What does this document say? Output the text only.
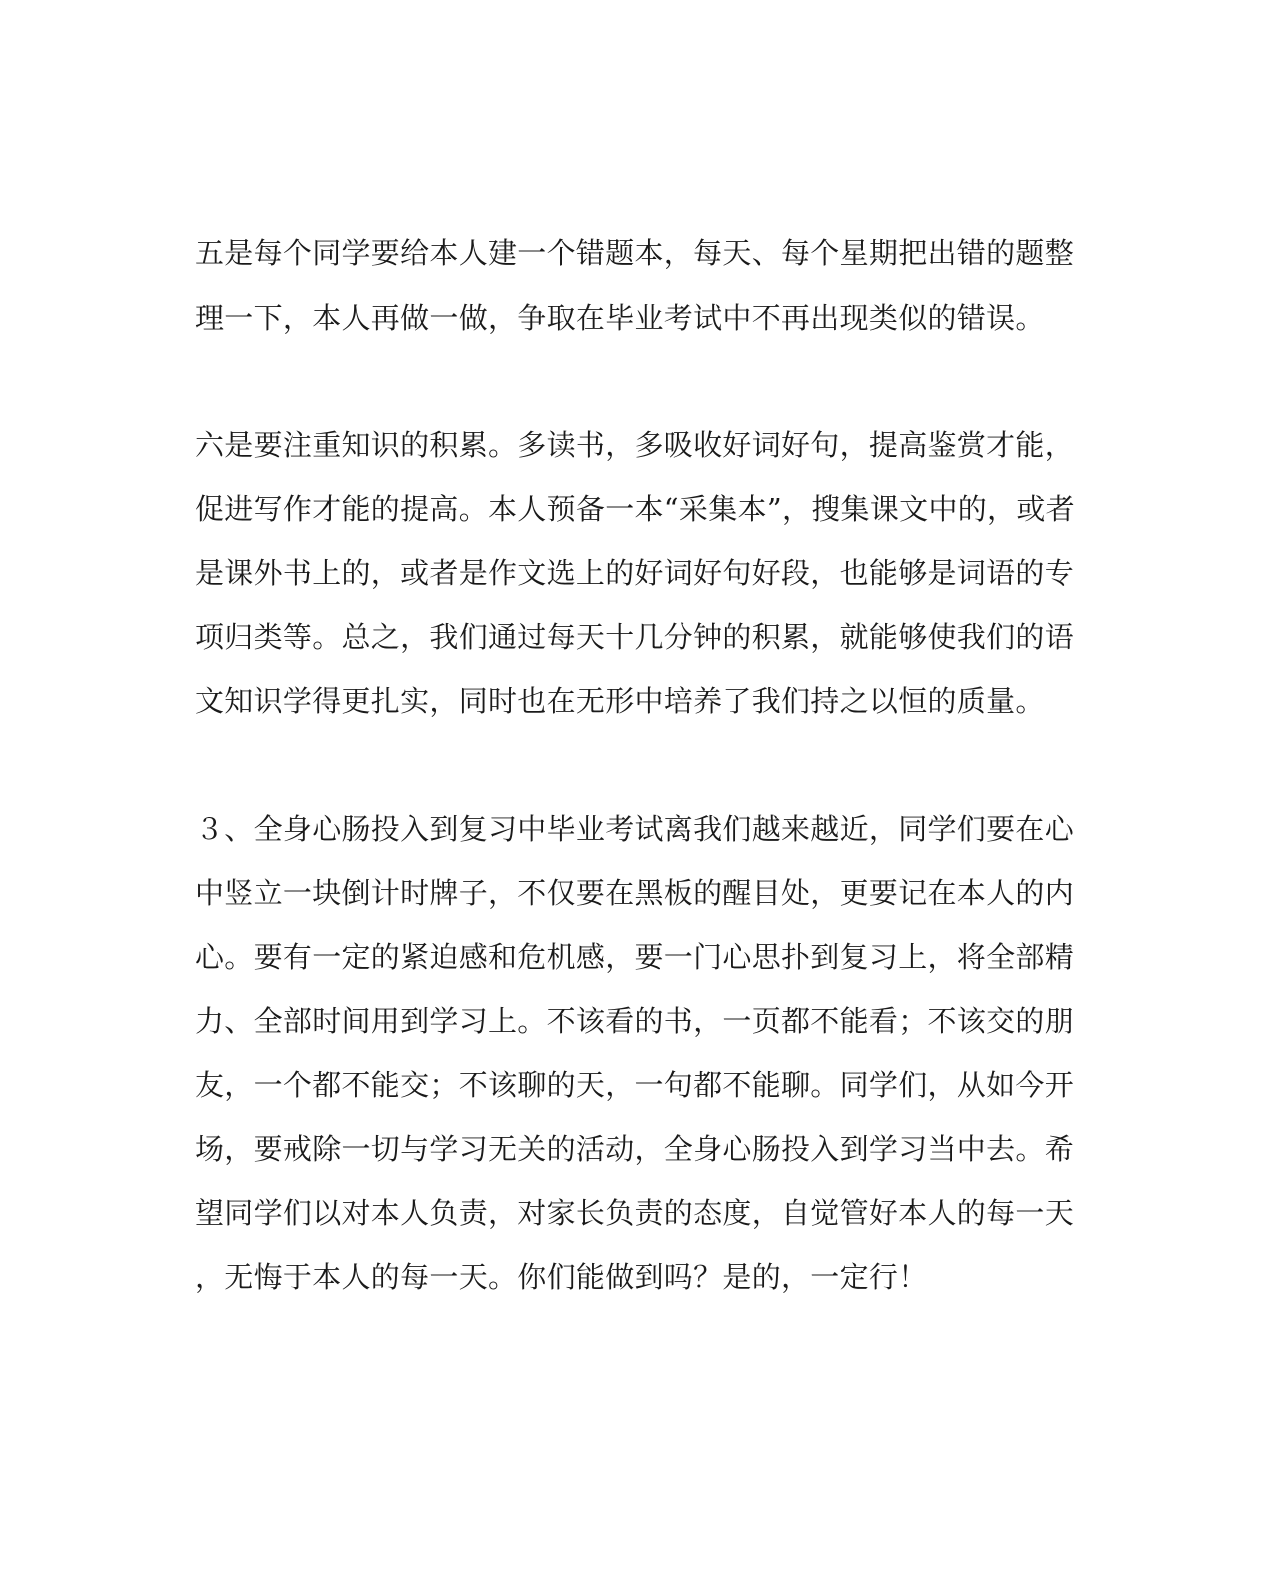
五是每个同学要给本人建一个错题本，每天、每个星期把出错的题整
理一下，本人再做一做，争取在毕业考试中不再出现类似的错误。
六是要注重知识的积累。多读书，多吸收好词好句，提高鉴赏才能，
促进写作才能的提高。本人预备一本“采集本”，搜集课文中的，或者
是课外书上的，或者是作文选上的好词好句好段，也能够是词语的专
项归类等。总之，我们通过每天十几分钟的积累，就能够使我们的语
文知识学得更扎实，同时也在无形中培养了我们持之以恒的质量。
３、全身心肠投入到复习中毕业考试离我们越来越近，同学们要在心
中竖立一块倒计时牌子，不仅要在黑板的醒目处，更要记在本人的内
心。要有一定的紧迫感和危机感，要一门心思扑到复习上，将全部精
力、全部时间用到学习上。不该看的书，一页都不能看；不该交的朋
友，一个都不能交；不该聊的天，一句都不能聊。同学们，从如今开
场，要戒除一切与学习无关的活动，全身心肠投入到学习当中去。希
望同学们以对本人负责，对家长负责的态度，自觉管好本人的每一天
，无悔于本人的每一天。你们能做到吗？是的，一定行！
